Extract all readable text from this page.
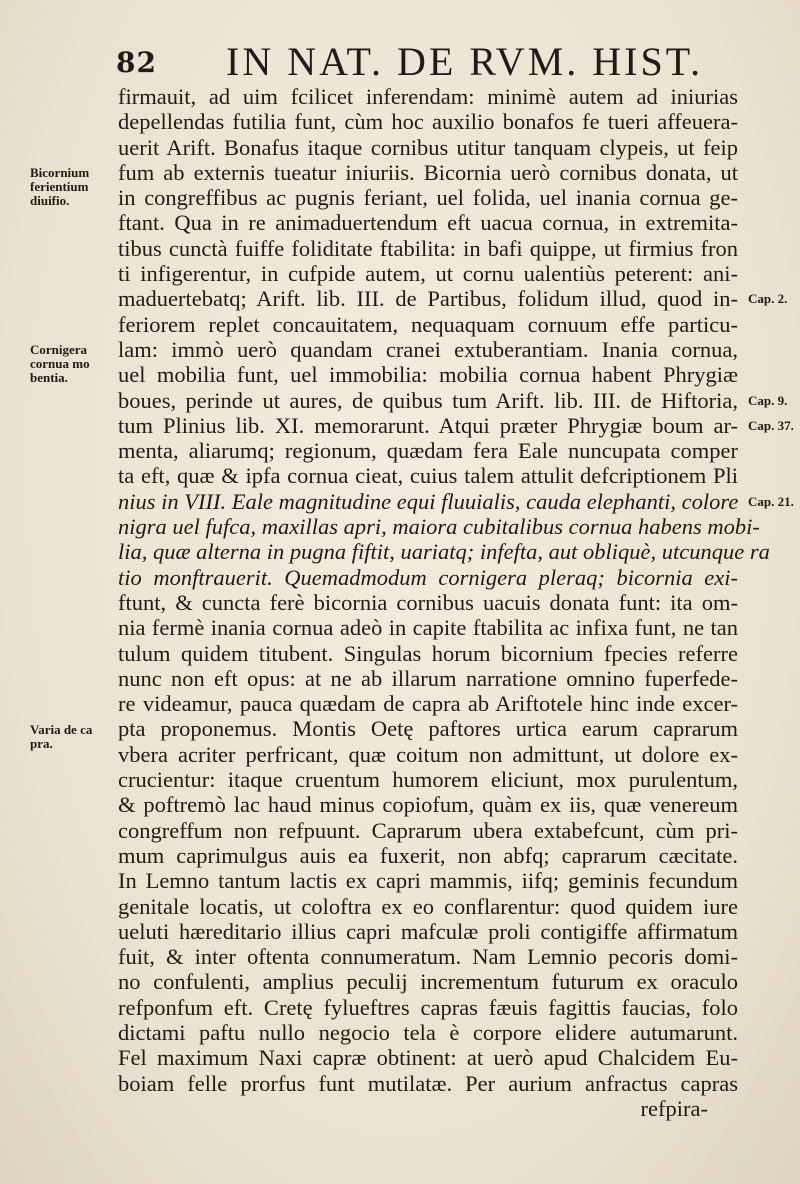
82 IN NAT. DE RVM. HIST.
firmauit, ad uim fcilicet inferendam: minimè autem ad iniurias
depellendas futilia funt, cùm hoc auxilio bonafos fe tueri affeuera-
uerit Arift. Bonafus itaque cornibus utitur tanquam clypeis, ut feip
fum ab externis tueatur iniuriis. Bicornia uerò cornibus donata, ut
in congreffibus ac pugnis feriant, uel folida, uel inania cornua ge-
ftant. Qua in re animaduertendum eft uacua cornua, in extremita-
tibus cunctà fuiffe foliditate ftabilita: in bafi quippe, ut firmius fron
ti infigerentur, in cufpide autem, ut cornu ualentiùs peterent: ani-
maduertebatq; Arift. lib. III. de Partibus, folidum illud, quod in-
feriorem replet concauitatem, nequaquam cornuum effe particu-
lam: immò uerò quandam cranei extuberantiam. Inania cornua,
uel mobilia funt, uel immobilia: mobilia cornua habent Phrygiæ
boues, perinde ut aures, de quibus tum Arift. lib. III. de Hiftoria,
tum Plinius lib. XI. memorarunt. Atqui præter Phrygiæ boum ar-
menta, aliarumq; regionum, quædam fera Eale nuncupata comper
ta eft, quæ & ipfa cornua cieat, cuius talem attulit defcriptionem Pli
nius in VIII. Eale magnitudine equi fluuialis, cauda elephanti, colore
nigra uel fufca, maxillas apri, maiora cubitalibus cornua habens mobi-
lia, quæ alterna in pugna fiftit, uariatq; infefta, aut obliquè, utcunque ra
tio monftrauerit. Quemadmodum cornigera pleraq; bicornia exi-
ftunt, & cuncta ferè bicornia cornibus uacuis donata funt: ita om-
nia fermè inania cornua adeò in capite ftabilita ac infixa funt, ne tan
tulum quidem titubent. Singulas horum bicornium fpecies referre
nunc non eft opus: at ne ab illarum narratione omnino fuperfede-
re videamur, pauca quædam de capra ab Ariftotele hinc inde excer-
pta proponemus. Montis Oetę paftores urtica earum caprarum
vbera acriter perfricant, quæ coitum non admittunt, ut dolore ex-
crucientur: itaque cruentum humorem eliciunt, mox purulentum,
& poftremò lac haud minus copiofum, quàm ex iis, quæ venereum
congreffum non refpuunt. Caprarum ubera extabefcunt, cùm pri-
mum caprimulgus auis ea fuxerit, non abfq; caprarum cæcitate.
In Lemno tantum lactis ex capri mammis, iifq; geminis fecundum
genitale locatis, ut coloftra ex eo conflarentur: quod quidem iure
ueluti hæreditario illius capri mafculæ proli contigiffe affirmatum
fuit, & inter oftenta connumeratum. Nam Lemnio pecoris domi-
no confulenti, amplius peculij incrementum futurum ex oraculo
refponfum eft. Cretę fylueftres capras fæuis fagittis faucias, folo
dictami paftu nullo negocio tela è corpore elidere autumarunt.
Fel maximum Naxi capræ obtinent: at uerò apud Chalcidem Eu-
boiam felle prorfus funt mutilatæ. Per aurium anfractus capras
refpira-
Bicornium
ferientium
diuifio.
Cornigera
cornua mo
bentia.
Varia de ca
pra.
Cap. 2.
Cap. 9.
Cap. 37.
Cap. 21.
